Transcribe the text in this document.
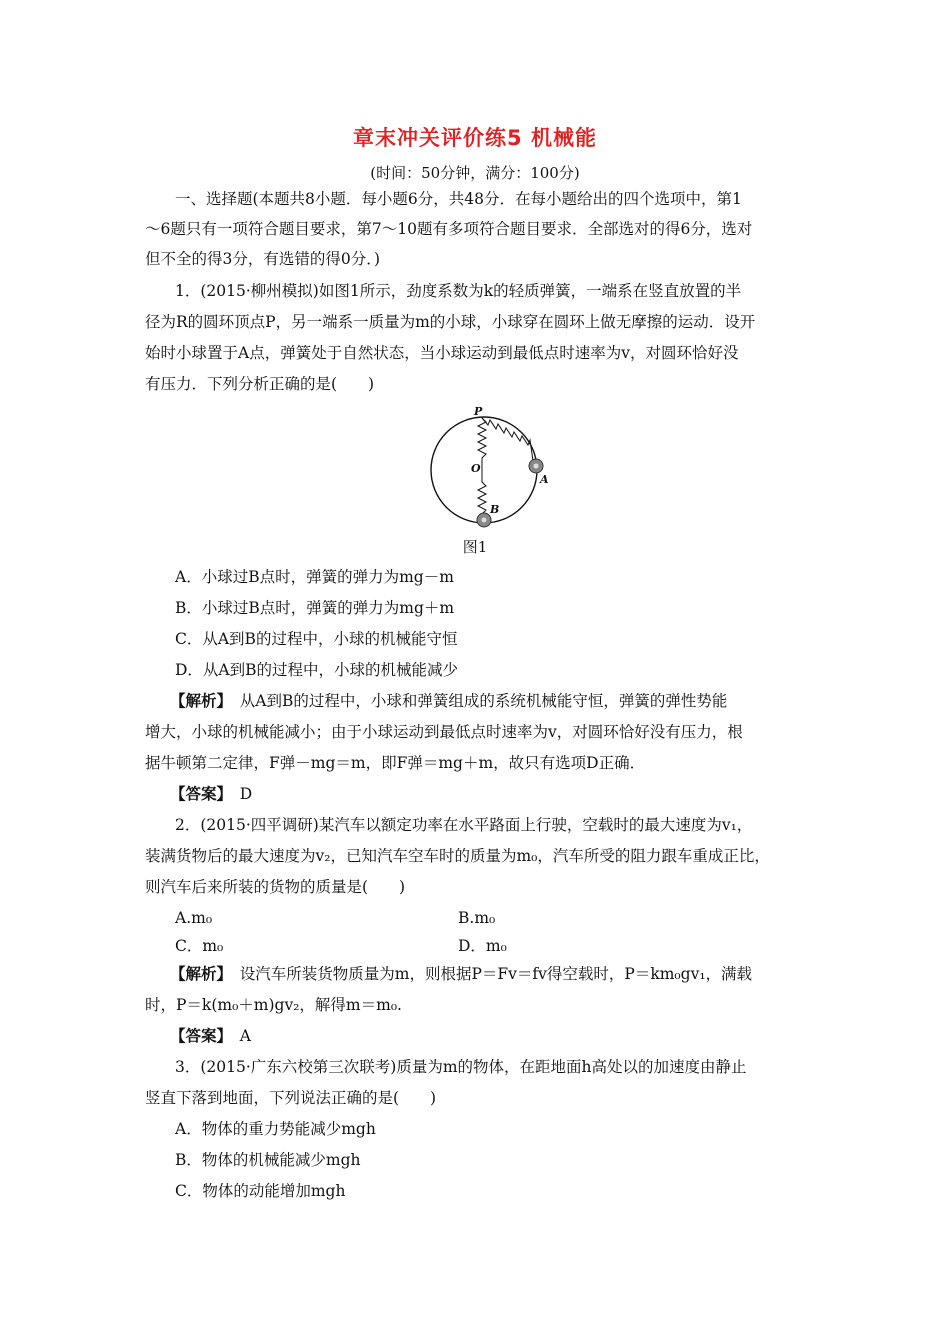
章末冲关评价练5 机械能
(时间：50分钟，满分：100分)
一、选择题(本题共8小题．每小题6分，共48分．在每小题给出的四个选项中，第1
～6题只有一项符合题目要求，第7～10题有多项符合题目要求．全部选对的得6分，选对
但不全的得3分，有选错的得0分．)
1．(2015·柳州模拟)如图1所示，劲度系数为k的轻质弹簧，一端系在竖直放置的半
径为R的圆环顶点P，另一端系一质量为m的小球，小球穿在圆环上做无摩擦的运动．设开
始时小球置于A点，弹簧处于自然状态，当小球运动到最低点时速率为v，对圆环恰好没
有压力．下列分析正确的是(　　)
P
O
A
B
图1
A．小球过B点时，弹簧的弹力为mg－m
B．小球过B点时，弹簧的弹力为mg＋m
C．从A到B的过程中，小球的机械能守恒
D．从A到B的过程中，小球的机械能减少
【解析】　 从A到B的过程中，小球和弹簧组成的系统机械能守恒，弹簧的弹性势能
增大，小球的机械能减小；由于小球运动到最低点时速率为v，对圆环恰好没有压力，根
据牛顿第二定律，F弹－mg＝m，即F弹＝mg＋m，故只有选项D正确．
【答案】　 D
2．(2015·四平调研)某汽车以额定功率在水平路面上行驶，空载时的最大速度为v₁，
装满货物后的最大速度为v₂，已知汽车空车时的质量为m₀，汽车所受的阻力跟车重成正比，
则汽车后来所装的货物的质量是(　　)
A.m₀	B.m₀
C．m₀	D．m₀
【解析】　 设汽车所装货物质量为m，则根据P＝Fv＝fv得空载时，P＝km₀gv₁，满载
时，P＝k(m₀＋m)gv₂，解得m＝m₀.
【答案】　 A
3．(2015·广东六校第三次联考)质量为m的物体，在距地面h高处以的加速度由静止
竖直下落到地面，下列说法正确的是(　　)
A．物体的重力势能减少mgh
B．物体的机械能减少mgh
C．物体的动能增加mgh
